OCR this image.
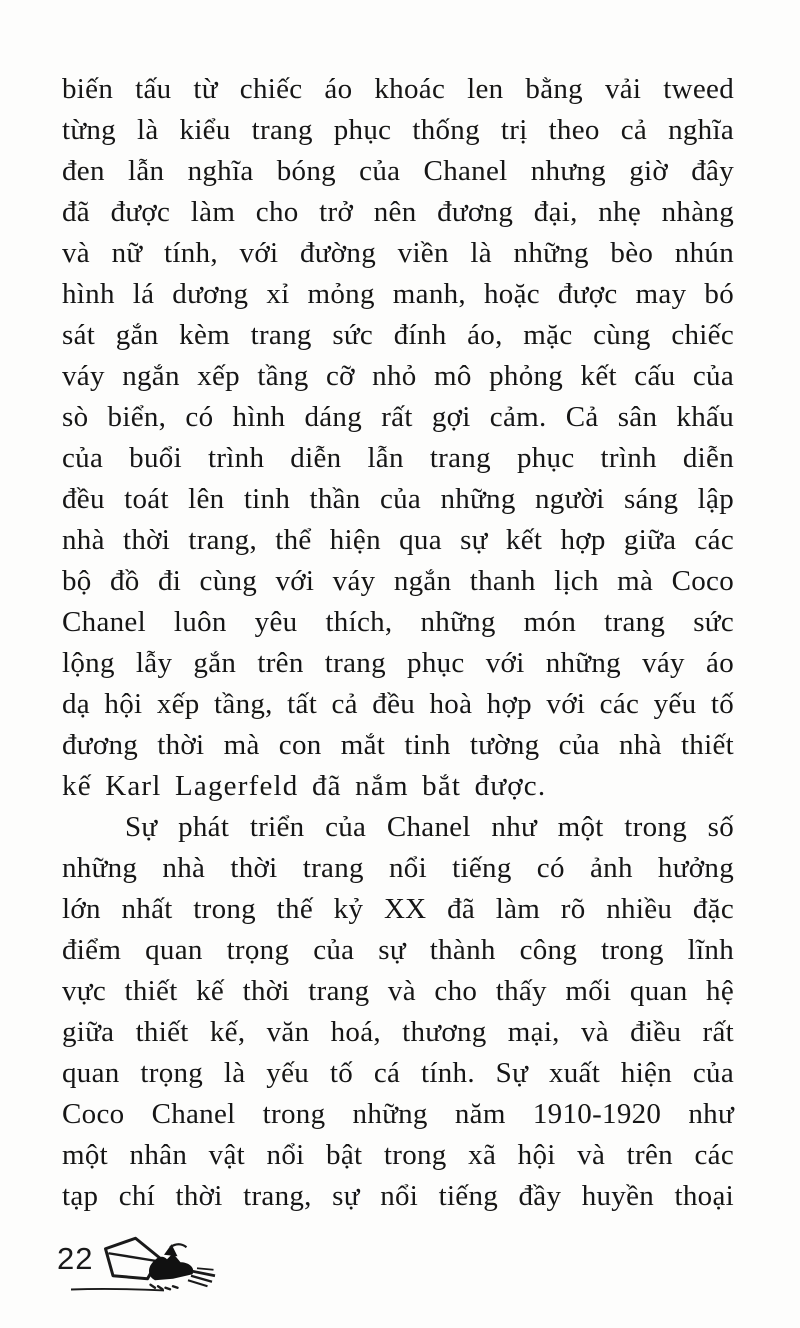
biến tấu từ chiếc áo khoác len bằng vải tweed
từng là kiểu trang phục thống trị theo cả nghĩa
đen lẫn nghĩa bóng của Chanel nhưng giờ đây
đã được làm cho trở nên đương đại, nhẹ nhàng
và nữ tính, với đường viền là những bèo nhún
hình lá dương xỉ mỏng manh, hoặc được may bó
sát gắn kèm trang sức đính áo, mặc cùng chiếc
váy ngắn xếp tầng cỡ nhỏ mô phỏng kết cấu của
sò biển, có hình dáng rất gợi cảm. Cả sân khấu
của buổi trình diễn lẫn trang phục trình diễn
đều toát lên tinh thần của những người sáng lập
nhà thời trang, thể hiện qua sự kết hợp giữa các
bộ đồ đi cùng với váy ngắn thanh lịch mà Coco
Chanel luôn yêu thích, những món trang sức
lộng lẫy gắn trên trang phục với những váy áo
dạ hội xếp tầng, tất cả đều hoà hợp với các yếu tố
đương thời mà con mắt tinh tường của nhà thiết
kế Karl Lagerfeld đã nắm bắt được.
Sự phát triển của Chanel như một trong số
những nhà thời trang nổi tiếng có ảnh hưởng
lớn nhất trong thế kỷ XX đã làm rõ nhiều đặc
điểm quan trọng của sự thành công trong lĩnh
vực thiết kế thời trang và cho thấy mối quan hệ
giữa thiết kế, văn hoá, thương mại, và điều rất
quan trọng là yếu tố cá tính. Sự xuất hiện của
Coco Chanel trong những năm 1910-1920 như
một nhân vật nổi bật trong xã hội và trên các
tạp chí thời trang, sự nổi tiếng đầy huyền thoại
22
